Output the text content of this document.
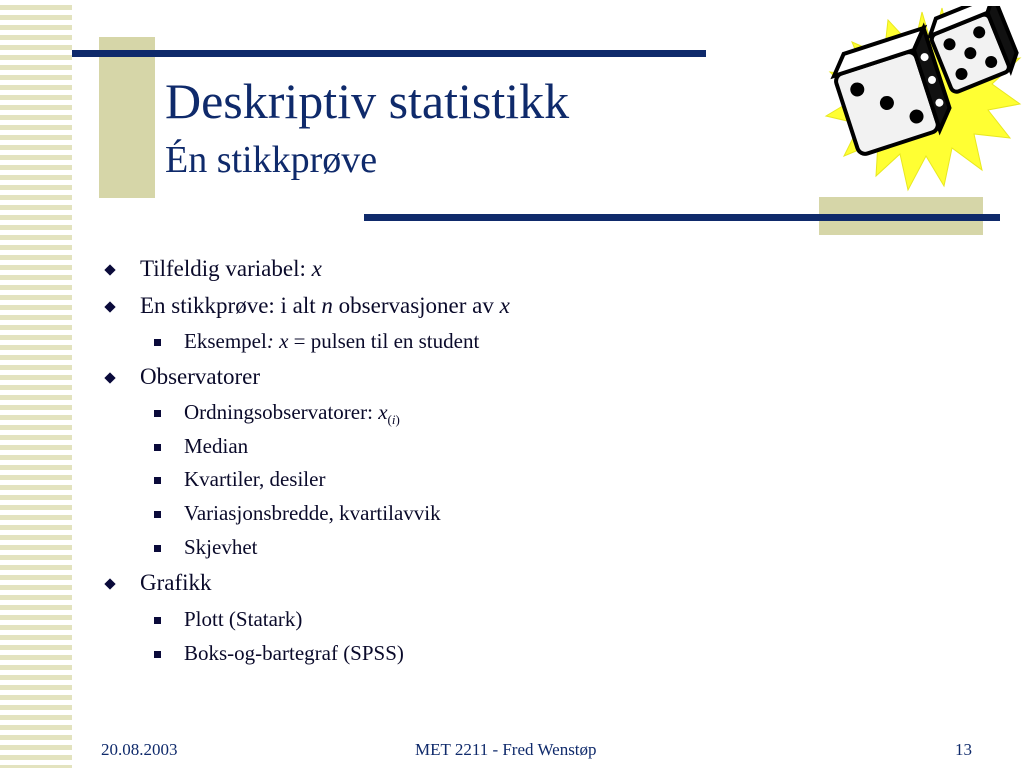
Deskriptiv statistikk
Én stikkprøve
Tilfeldig variabel: x
En stikkprøve: i alt n observasjoner av x
Eksempel: x = pulsen til en student
Observatorer
Ordningsobservatorer: $x_{(i)}$
Median
Kvartiler, desiler
Variasjonsbredde, kvartilavvik
Skjevhet
Grafikk
Plott (Statark)
Boks-og-bartegraf (SPSS)
20.08.2003	MET 2211 - Fred Wenstøp	13
